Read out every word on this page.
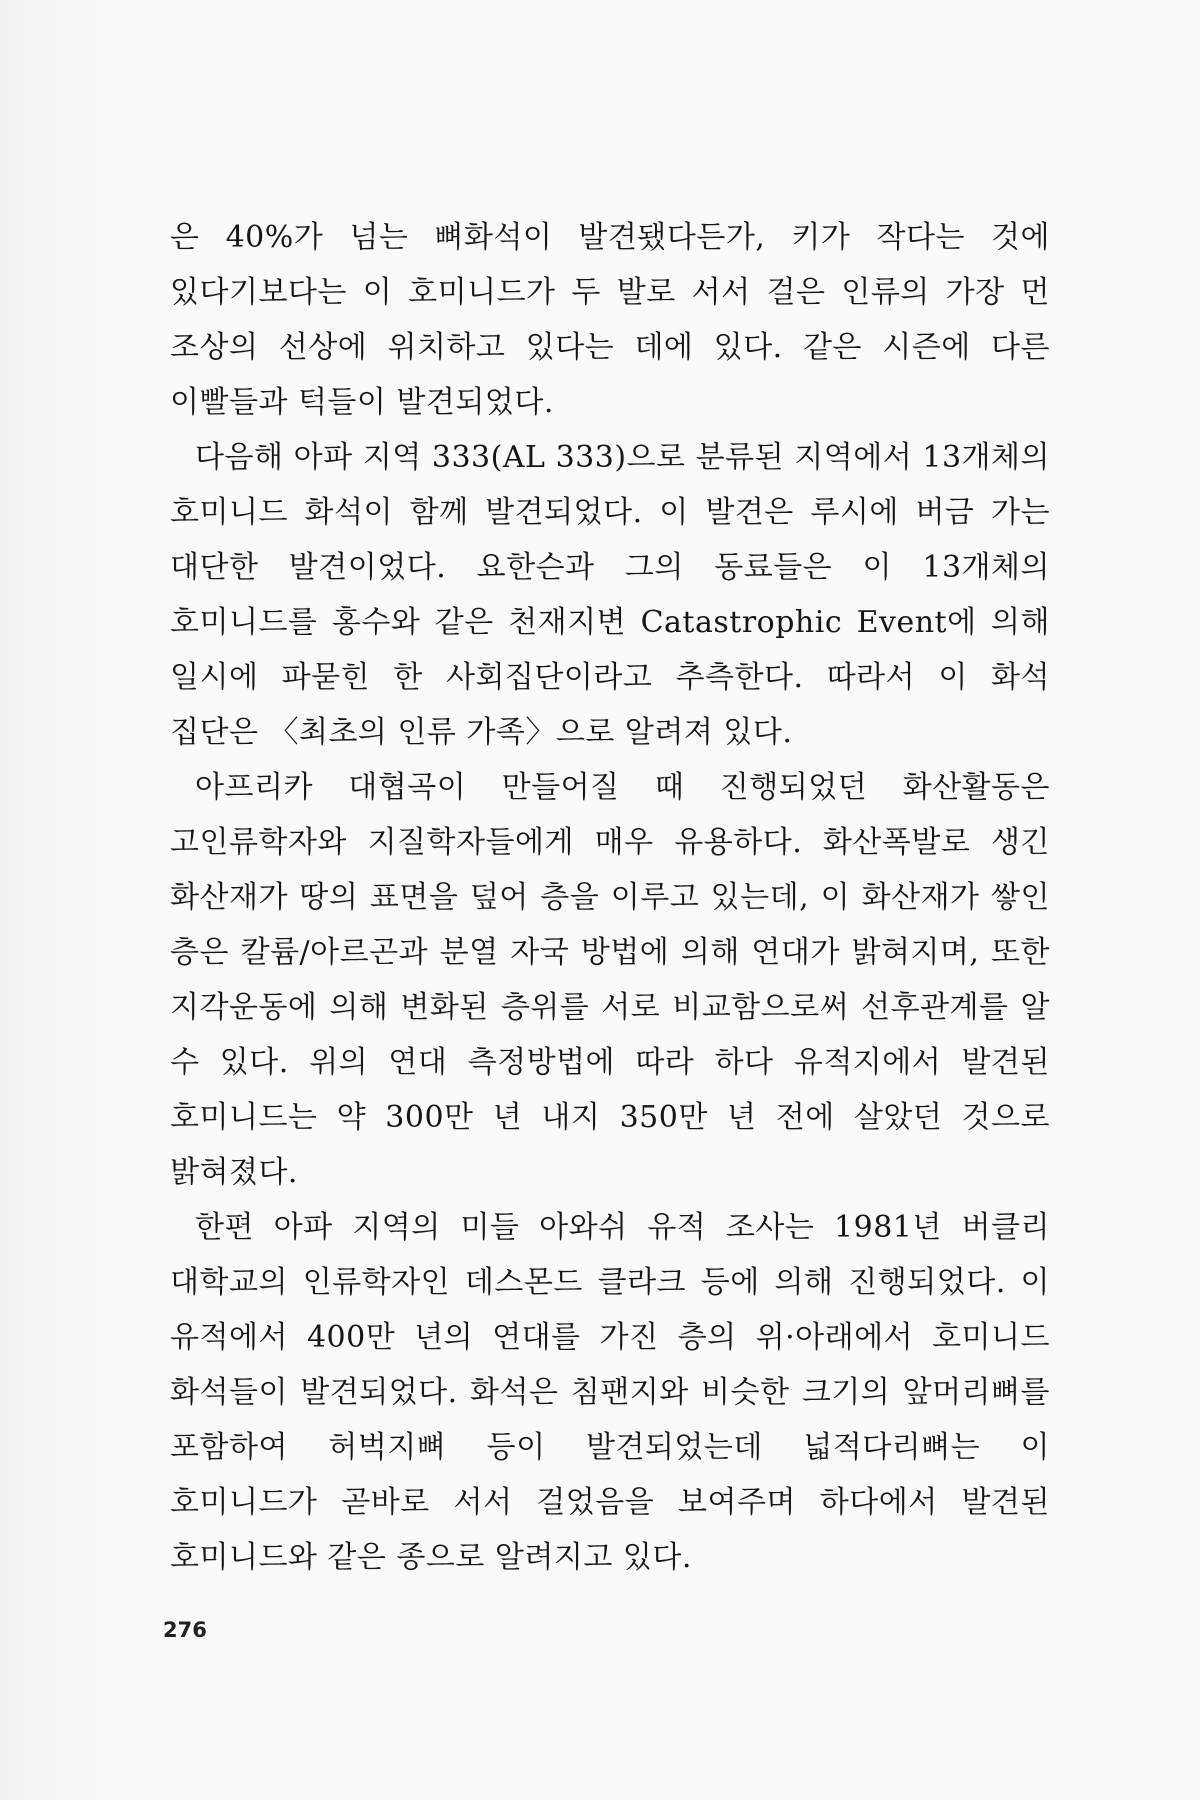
은 40%가 넘는 뼈화석이 발견됐다든가, 키가 작다는 것에 있다기보다는 이 호미니드가 두 발로 서서 걸은 인류의 가장 먼 조상의 선상에 위치하고 있다는 데에 있다. 같은 시즌에 다른 이빨들과 턱들이 발견되었다.

다음해 아파 지역 333(AL 333)으로 분류된 지역에서 13개체의 호미니드 화석이 함께 발견되었다. 이 발견은 루시에 버금 가는 대단한 발견이었다. 요한슨과 그의 동료들은 이 13개체의 호미니드를 홍수와 같은 천재지변 Catastrophic Event에 의해 일시에 파묻힌 한 사회집단이라고 추측한다. 따라서 이 화석 집단은 〈최초의 인류 가족〉으로 알려져 있다.

아프리카 대협곡이 만들어질 때 진행되었던 화산활동은 고인류학자와 지질학자들에게 매우 유용하다. 화산폭발로 생긴 화산재가 땅의 표면을 덮어 층을 이루고 있는데, 이 화산재가 쌓인 층은 칼륨/아르곤과 분열 자국 방법에 의해 연대가 밝혀지며, 또한 지각운동에 의해 변화된 층위를 서로 비교함으로써 선후관계를 알 수 있다. 위의 연대 측정방법에 따라 하다 유적지에서 발견된 호미니드는 약 300만 년 내지 350만 년 전에 살았던 것으로 밝혀졌다.

한편 아파 지역의 미들 아와쉬 유적 조사는 1981년 버클리 대학교의 인류학자인 데스몬드 클라크 등에 의해 진행되었다. 이 유적에서 400만 년의 연대를 가진 층의 위·아래에서 호미니드 화석들이 발견되었다. 화석은 침팬지와 비슷한 크기의 앞머리뼈를 포함하여 허벅지뼈 등이 발견되었는데 넓적다리뼈는 이 호미니드가 곧바로 서서 걸었음을 보여주며 하다에서 발견된 호미니드와 같은 종으로 알려지고 있다.

276
